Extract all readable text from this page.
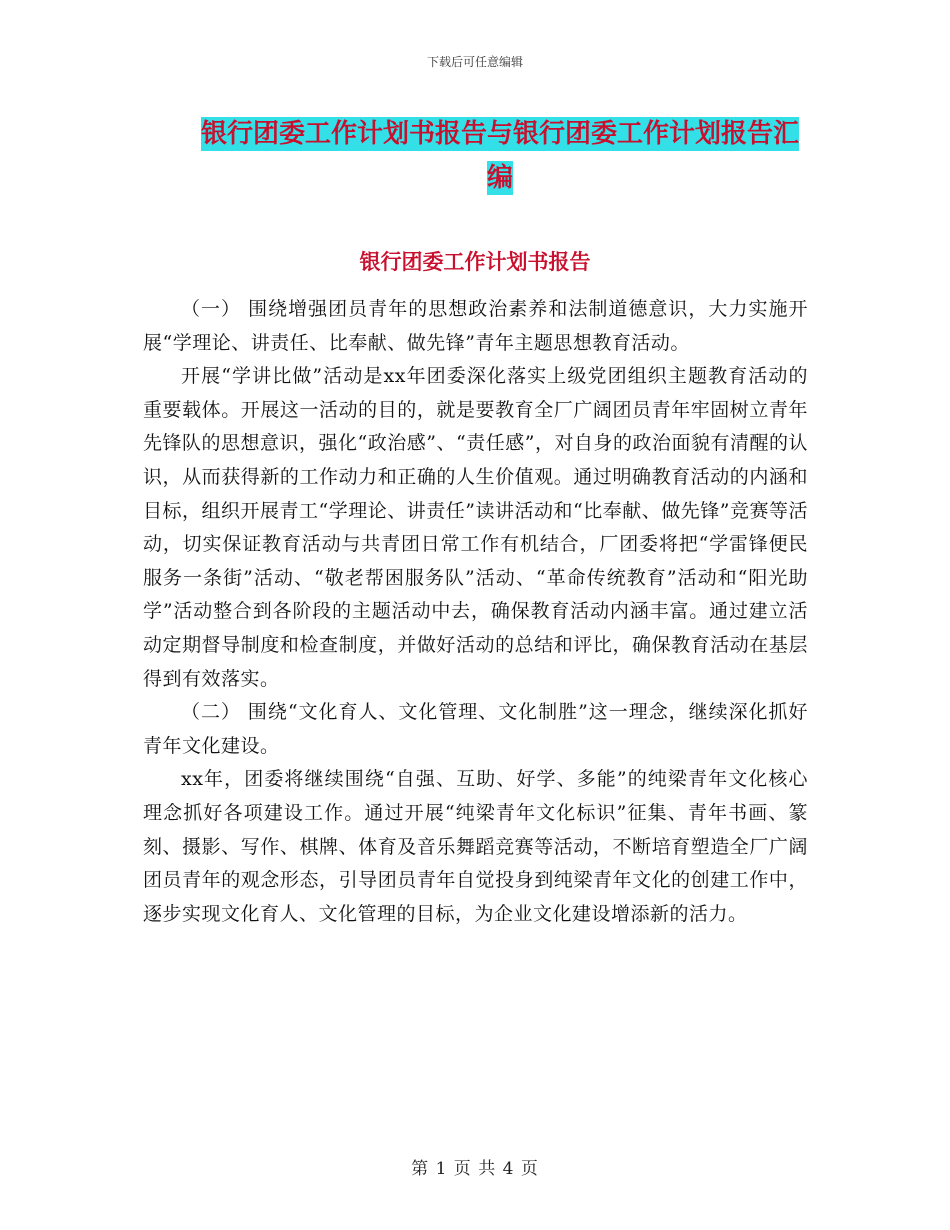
下载后可任意编辑
银行团委工作计划书报告与银行团委工作计划报告汇
编
银行团委工作计划书报告

（一） 围绕增强团员青年的思想政治素养和法制道德意识，大力实施开展“学理论、讲责任、比奉献、做先锋”青年主题思想教育活动。

开展“学讲比做”活动是xx年团委深化落实上级党团组织主题教育活动的重要载体。开展这一活动的目的，就是要教育全厂广阔团员青年牢固树立青年先锋队的思想意识，强化“政治感”、“责任感”，对自身的政治面貌有清醒的认识，从而获得新的工作动力和正确的人生价值观。通过明确教育活动的内涵和目标，组织开展青工“学理论、讲责任”读讲活动和“比奉献、做先锋”竞赛等活动，切实保证教育活动与共青团日常工作有机结合，厂团委将把“学雷锋便民服务一条街”活动、“敬老帮困服务队”活动、“革命传统教育”活动和“阳光助学”活动整合到各阶段的主题活动中去，确保教育活动内涵丰富。通过建立活动定期督导制度和检查制度，并做好活动的总结和评比，确保教育活动在基层得到有效落实。

（二） 围绕“文化育人、文化管理、文化制胜”这一理念，继续深化抓好青年文化建设。

xx年，团委将继续围绕“自强、互助、好学、多能”的纯梁青年文化核心理念抓好各项建设工作。通过开展“纯梁青年文化标识”征集、青年书画、篆刻、摄影、写作、棋牌、体育及音乐舞蹈竞赛等活动，不断培育塑造全厂广阔团员青年的观念形态，引导团员青年自觉投身到纯梁青年文化的创建工作中，逐步实现文化育人、文化管理的目标，为企业文化建设增添新的活力。

第 1 页 共 4 页
